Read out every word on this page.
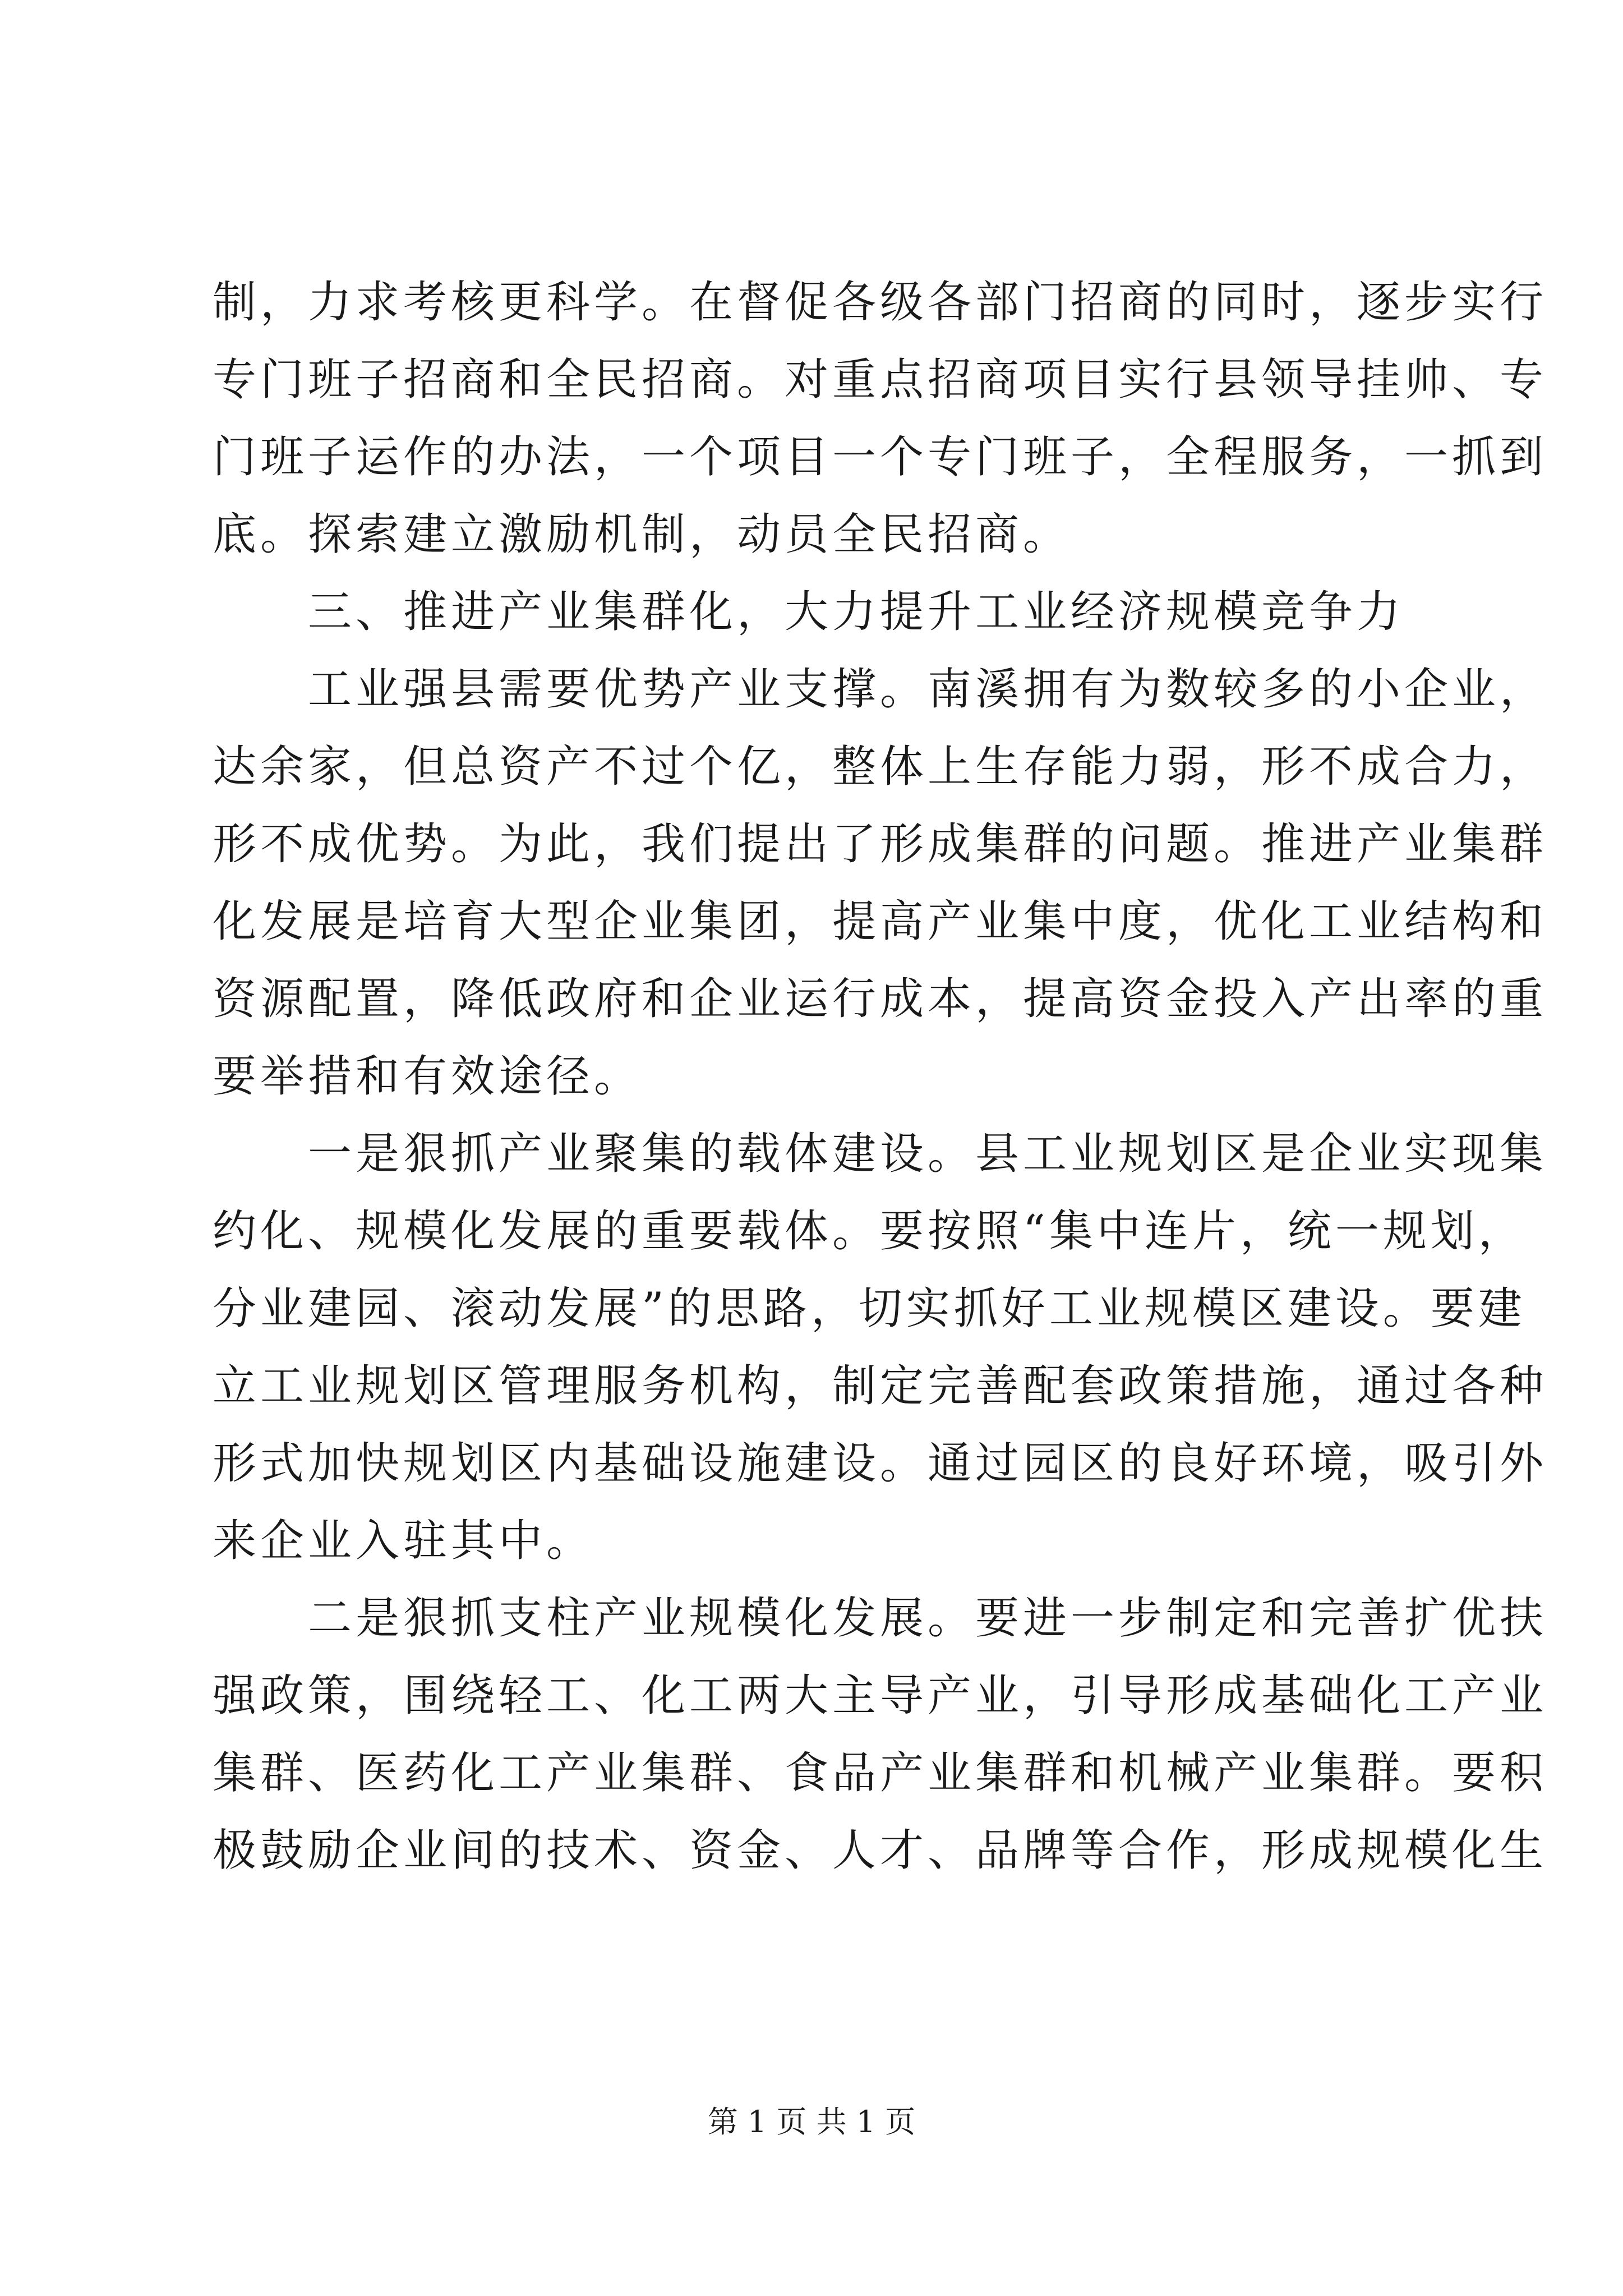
制，力求考核更科学。在督促各级各部门招商的同时，逐步实行
专门班子招商和全民招商。对重点招商项目实行县领导挂帅、专
门班子运作的办法，一个项目一个专门班子，全程服务，一抓到
底。探索建立激励机制，动员全民招商。
三、推进产业集群化，大力提升工业经济规模竞争力
工业强县需要优势产业支撑。南溪拥有为数较多的小企业，
达余家，但总资产不过个亿，整体上生存能力弱，形不成合力，
形不成优势。为此，我们提出了形成集群的问题。推进产业集群
化发展是培育大型企业集团，提高产业集中度，优化工业结构和
资源配置，降低政府和企业运行成本，提高资金投入产出率的重
要举措和有效途径。
一是狠抓产业聚集的载体建设。县工业规划区是企业实现集
约化、规模化发展的重要载体。要按照“集中连片，统一规划，
分业建园、滚动发展”的思路，切实抓好工业规模区建设。要建
立工业规划区管理服务机构，制定完善配套政策措施，通过各种
形式加快规划区内基础设施建设。通过园区的良好环境，吸引外
来企业入驻其中。
二是狠抓支柱产业规模化发展。要进一步制定和完善扩优扶
强政策，围绕轻工、化工两大主导产业，引导形成基础化工产业
集群、医药化工产业集群、食品产业集群和机械产业集群。要积
极鼓励企业间的技术、资金、人才、品牌等合作，形成规模化生
第 1 页 共 1 页
